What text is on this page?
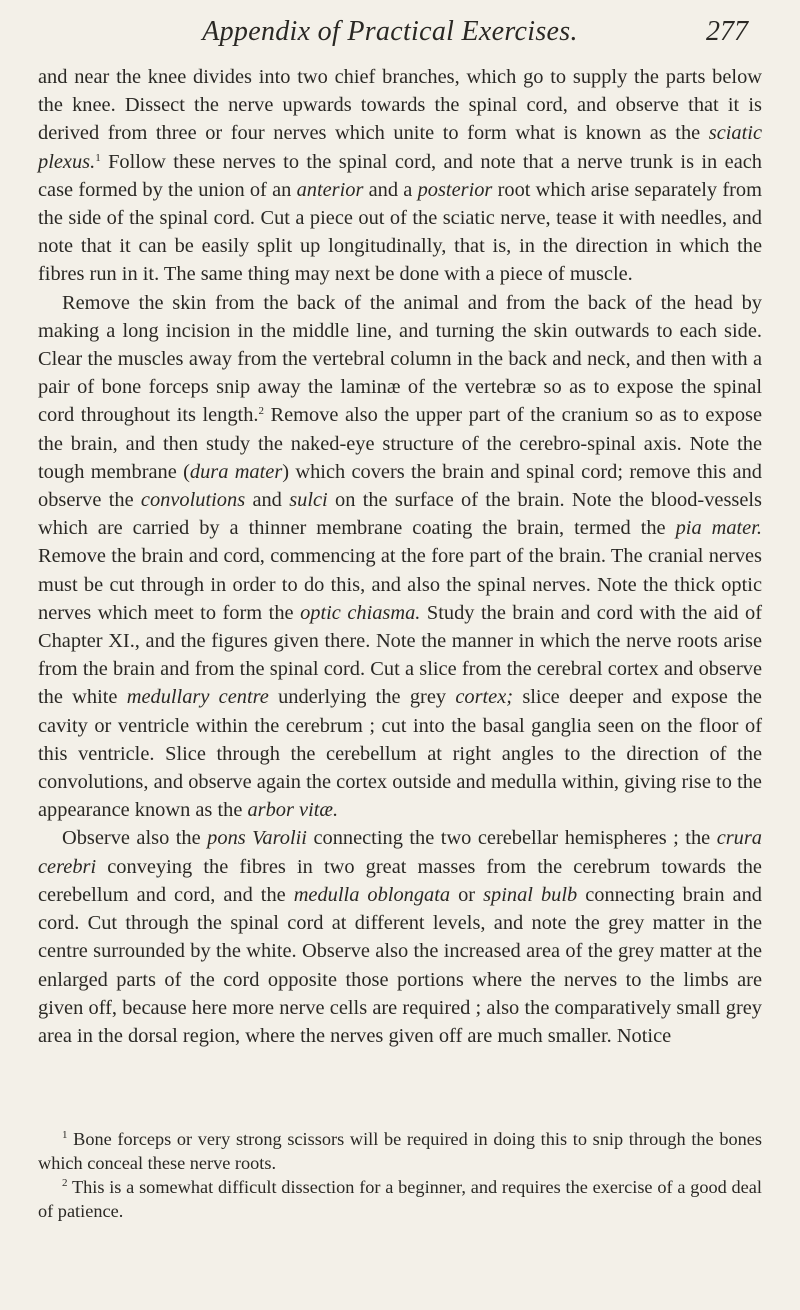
Appendix of Practical Exercises.	277

and near the knee divides into two chief branches, which go to supply the parts below the knee. Dissect the nerve upwards towards the spinal cord, and observe that it is derived from three or four nerves which unite to form what is known as the sciatic plexus.$^1$ Follow these nerves to the spinal cord, and note that a nerve trunk is in each case formed by the union of an anterior and a posterior root which arise separately from the side of the spinal cord. Cut a piece out of the sciatic nerve, tease it with needles, and note that it can be easily split up longitudinally, that is, in the direction in which the fibres run in it. The same thing may next be done with a piece of muscle.

Remove the skin from the back of the animal and from the back of the head by making a long incision in the middle line, and turning the skin outwards to each side. Clear the muscles away from the vertebral column in the back and neck, and then with a pair of bone forceps snip away the laminæ of the vertebræ so as to expose the spinal cord throughout its length.$^2$ Remove also the upper part of the cranium so as to expose the brain, and then study the naked-eye structure of the cerebro-spinal axis. Note the tough membrane (dura mater) which covers the brain and spinal cord; remove this and observe the convolutions and sulci on the surface of the brain. Note the blood-vessels which are carried by a thinner membrane coating the brain, termed the pia mater. Remove the brain and cord, commencing at the fore part of the brain. The cranial nerves must be cut through in order to do this, and also the spinal nerves. Note the thick optic nerves which meet to form the optic chiasma. Study the brain and cord with the aid of Chapter XI., and the figures given there. Note the manner in which the nerve roots arise from the brain and from the spinal cord. Cut a slice from the cerebral cortex and observe the white medullary centre underlying the grey cortex; slice deeper and expose the cavity or ventricle within the cerebrum ; cut into the basal ganglia seen on the floor of this ventricle. Slice through the cerebellum at right angles to the direction of the convolutions, and observe again the cortex outside and medulla within, giving rise to the appearance known as the arbor vitæ.

Observe also the pons Varolii connecting the two cerebellar hemispheres ; the crura cerebri conveying the fibres in two great masses from the cerebrum towards the cerebellum and cord, and the medulla oblongata or spinal bulb connecting brain and cord. Cut through the spinal cord at different levels, and note the grey matter in the centre surrounded by the white. Observe also the increased area of the grey matter at the enlarged parts of the cord opposite those portions where the nerves to the limbs are given off, because here more nerve cells are required ; also the comparatively small grey area in the dorsal region, where the nerves given off are much smaller. Notice

$^1$ Bone forceps or very strong scissors will be required in doing this to snip through the bones which conceal these nerve roots.

$^2$ This is a somewhat difficult dissection for a beginner, and requires the exercise of a good deal of patience.
